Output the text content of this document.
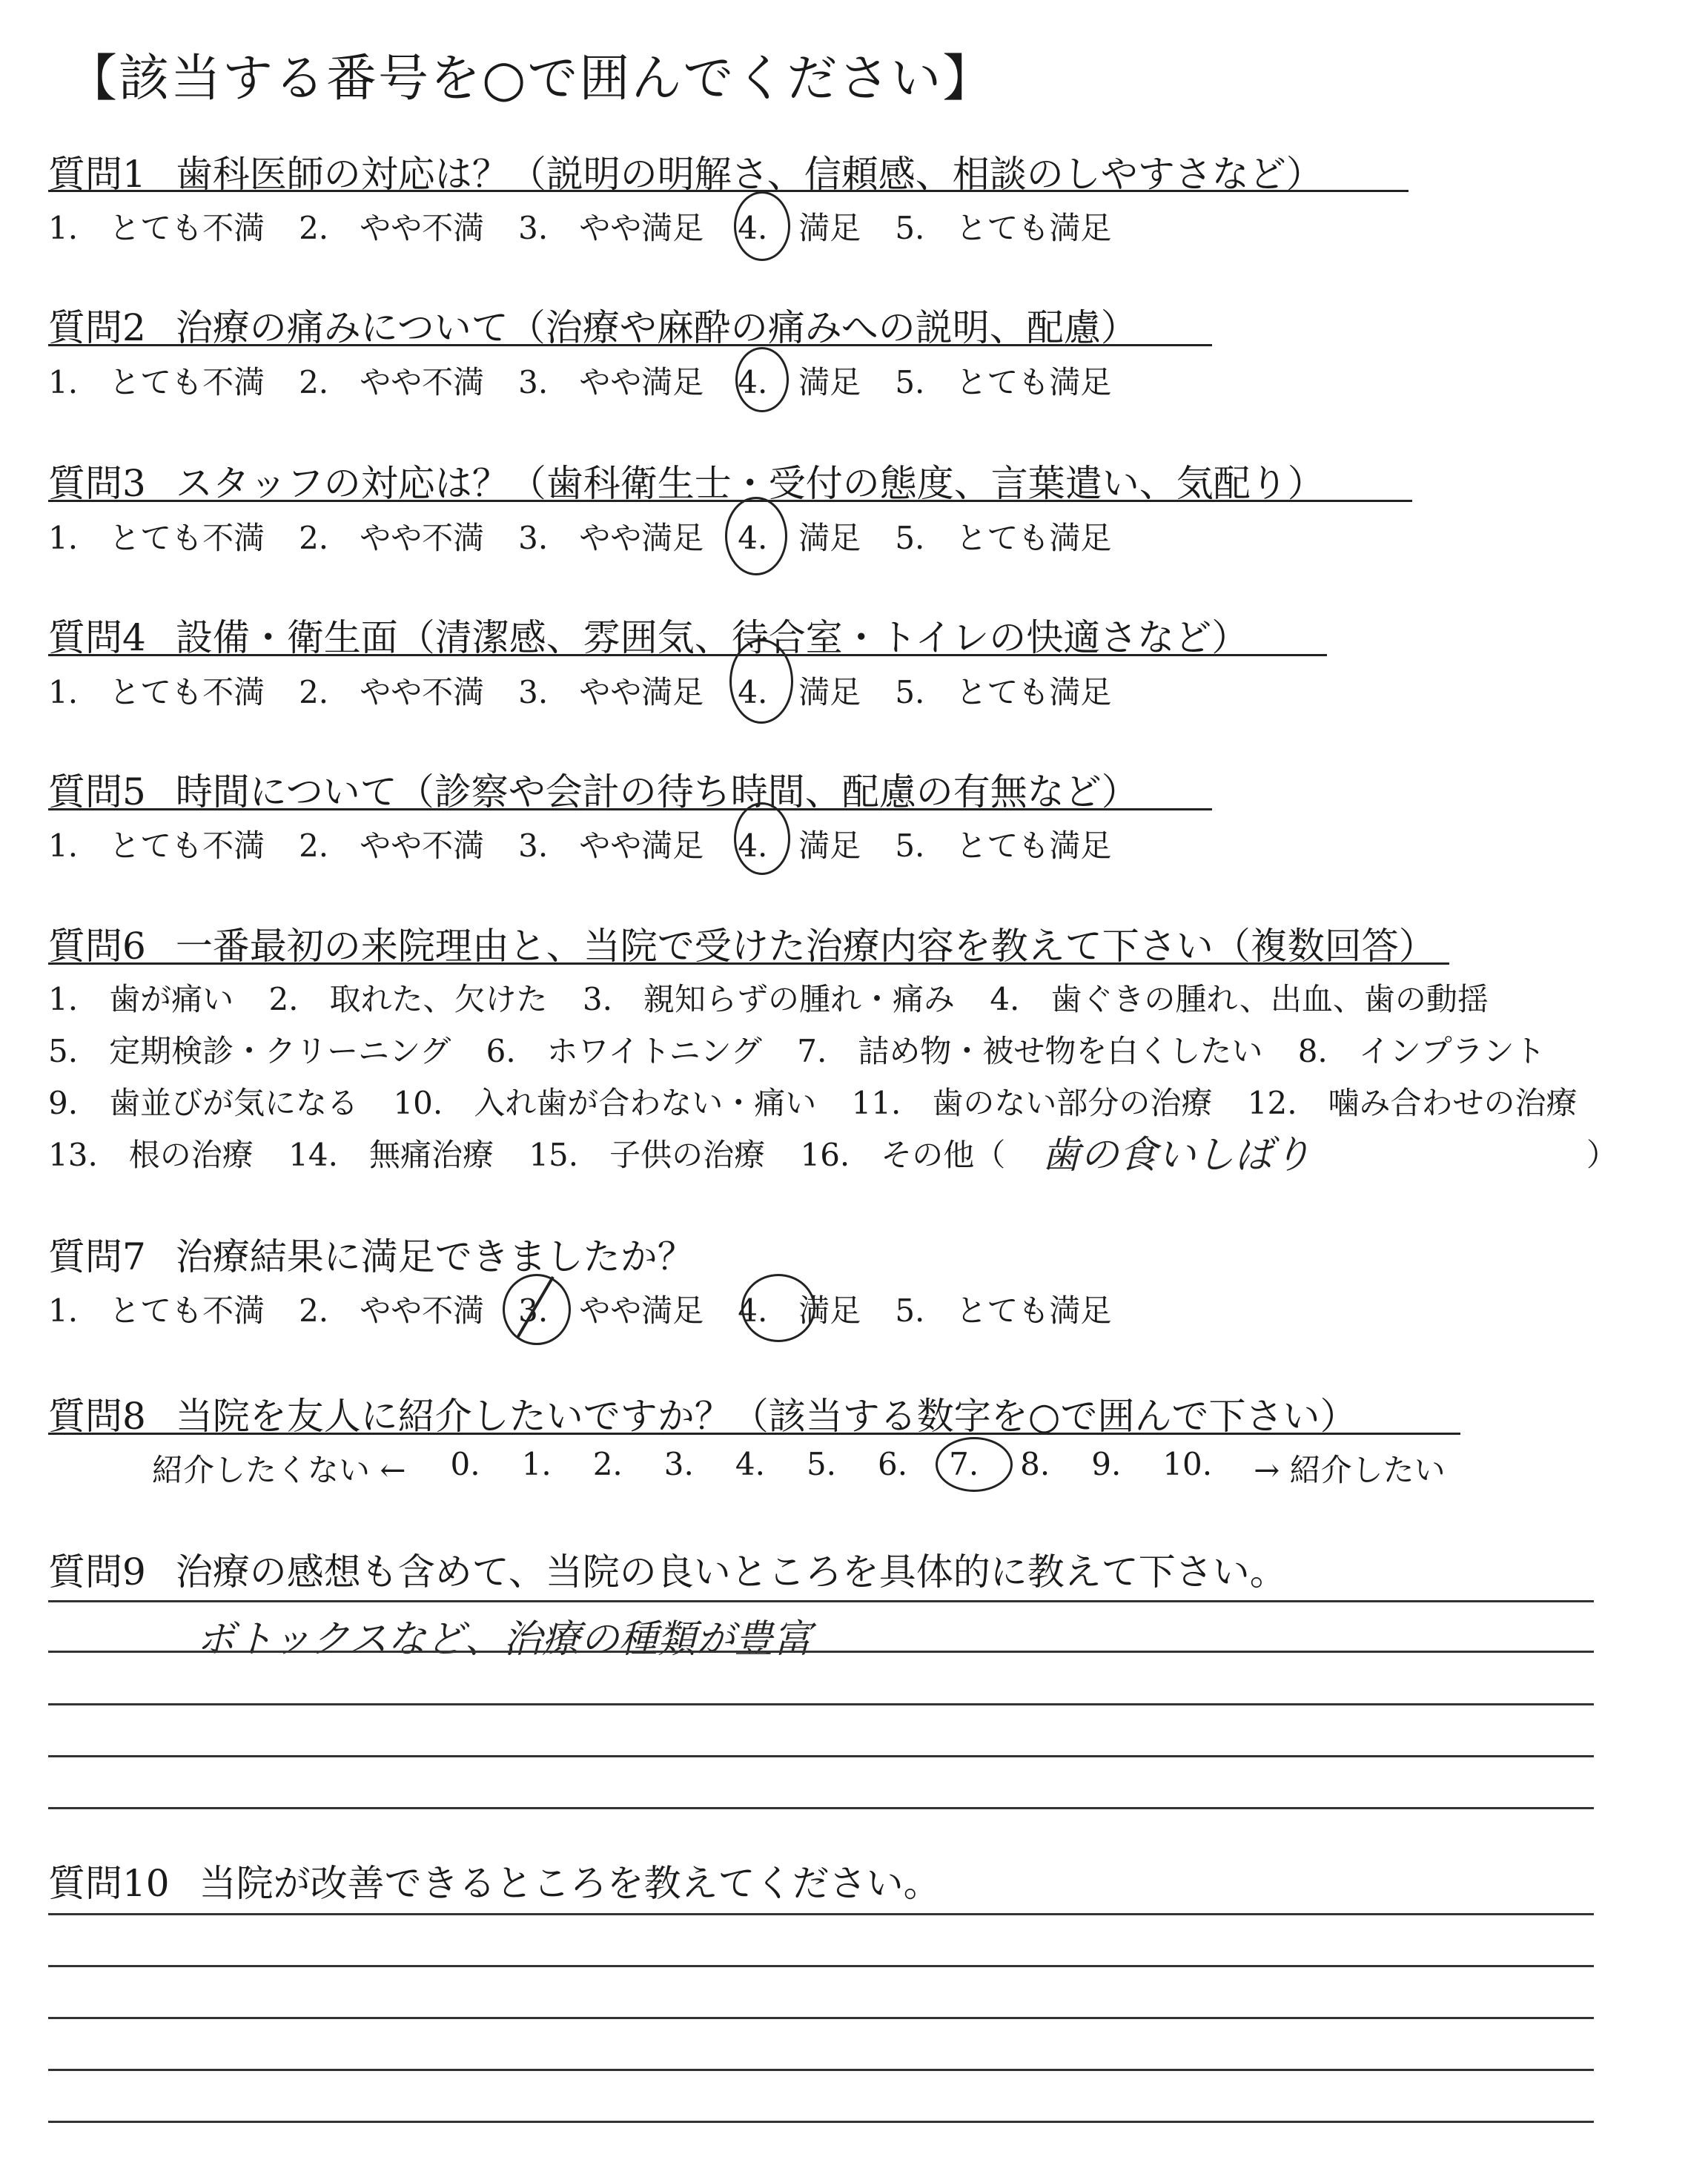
【該当する番号を○で囲んでください】
質問1 歯科医師の対応は？（説明の明解さ、信頼感、相談のしやすさなど）
1.　とても不満 2.　やや不満 3.　やや満足 4.　満足 5.　とても満足
質問2 治療の痛みについて（治療や麻酔の痛みへの説明、配慮）
1.　とても不満 2.　やや不満 3.　やや満足 4.　満足 5.　とても満足
質問3 スタッフの対応は？（歯科衛生士・受付の態度、言葉遣い、気配り）
1.　とても不満 2.　やや不満 3.　やや満足 4.　満足 5.　とても満足
質問4 設備・衛生面（清潔感、雰囲気、待合室・トイレの快適さなど）
1.　とても不満 2.　やや不満 3.　やや満足 4.　満足 5.　とても満足
質問5 時間について（診察や会計の待ち時間、配慮の有無など）
1.　とても不満 2.　やや不満 3.　やや満足 4.　満足 5.　とても満足
質問6 一番最初の来院理由と、当院で受けた治療内容を教えて下さい（複数回答）
1.　歯が痛い 2.　取れた、欠けた 3.　親知らずの腫れ・痛み 4.　歯ぐきの腫れ、出血、歯の動揺
5.　定期検診・クリーニング 6.　ホワイトニング 7.　詰め物・被せ物を白くしたい 8.　インプラント
9.　歯並びが気になる 10.　入れ歯が合わない・痛い 11.　歯のない部分の治療 12.　噛み合わせの治療
13.　根の治療 14.　無痛治療 15.　子供の治療 16.　その他（ 歯の食いしばり	）
質問7 治療結果に満足できましたか？
1.　とても不満 2.　やや不満 3.　やや満足 4.　満足 5.　とても満足
質問8 当院を友人に紹介したいですか？（該当する数字を○で囲んで下さい）
紹介したくない ← 0. 1. 2. 3. 4. 5. 6. 7. 8. 9. 10. → 紹介したい
質問9 治療の感想も含めて、当院の良いところを具体的に教えて下さい。
ボトックスなど、治療の種類が豊富
質問10 当院が改善できるところを教えてください。
